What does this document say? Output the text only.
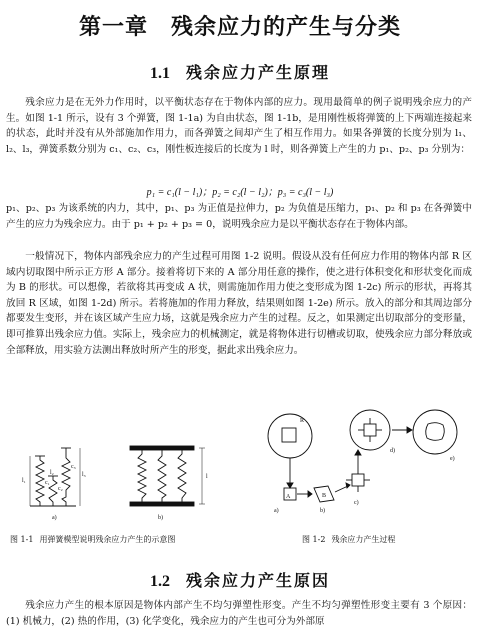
第一章　残余应力的产生与分类
1.1 残余应力产生原理
残余应力是在无外力作用时，以平衡状态存在于物体内部的应力。现用最简单的例子说明残余应力的产生。如图 1-1 所示，设有 3 个弹簧，图 1-1a) 为自由状态，图 1-1b，是用刚性板将弹簧的上下两端连接起来的状态，此时并没有从外部施加作用力，而各弹簧之间却产生了相互作用力。如果各弹簧的长度分别为 l₁、l₂、l₃，弹簧系数分别为 c₁、c₂、c₃，刚性板连接后的长度为 l 时，则各弹簧上产生的力 p₁、p₂、p₃ 分别为：
p₁ = c₁(l − l₁)；p₂ = c₂(l − l₂)；p₃ = c₃(l − l₃)
p₁、p₂、p₃ 为该系统的内力，其中，p₁、p₃ 为正值是拉伸力，p₂ 为负值是压缩力，p₁、p₂ 和 p₃ 在各弹簧中产生的应力为残余应力。由于 p₁ + p₂ + p₃ = 0，说明残余应力是以平衡状态存在于物体内部。
一般情况下，物体内部残余应力的产生过程可用图 1-2 说明。假设从没有任何应力作用的物体内部 R 区域内切取图中所示正方形 A 部分。接着将切下来的 A 部分用任意的操作，使之进行体积变化和形状变化而成为 B 的形状。可以想像，若欲将其再变成 A 状，则需施加作用力使之变形成为图 1-2c) 所示的形状，再将其放回 R 区域，如图 1-2d) 所示。若将施加的作用力释放，结果则如图 1-2e) 所示。放入的部分和其周边部分都要发生变形，并在该区域产生应力场，这就是残余应力产生的过程。反之，如果测定出切取部分的变形量，即可推算出残余应力值。实际上，残余应力的机械测定，就是将物体进行切槽或切取，使残余应力部分释放或全部释放，用实验方法测出释放时所产生的形变，据此求出残余应力。
l₁
l₃
l₂
c₁
c₂
c₃
l
a)	b)
R
A	B
a)	b)
c)
d)
e)
图 1-1 用弹簧模型说明残余应力产生的示意图	图 1-2 残余应力产生过程
1.2 残余应力产生原因
残余应力产生的根本原因是物体内部产生不均匀弹塑性形变。产生不均匀弹塑性形变主要有 3 个原因：(1) 机械力，(2) 热的作用，(3) 化学变化，残余应力的产生也可分为外部原
